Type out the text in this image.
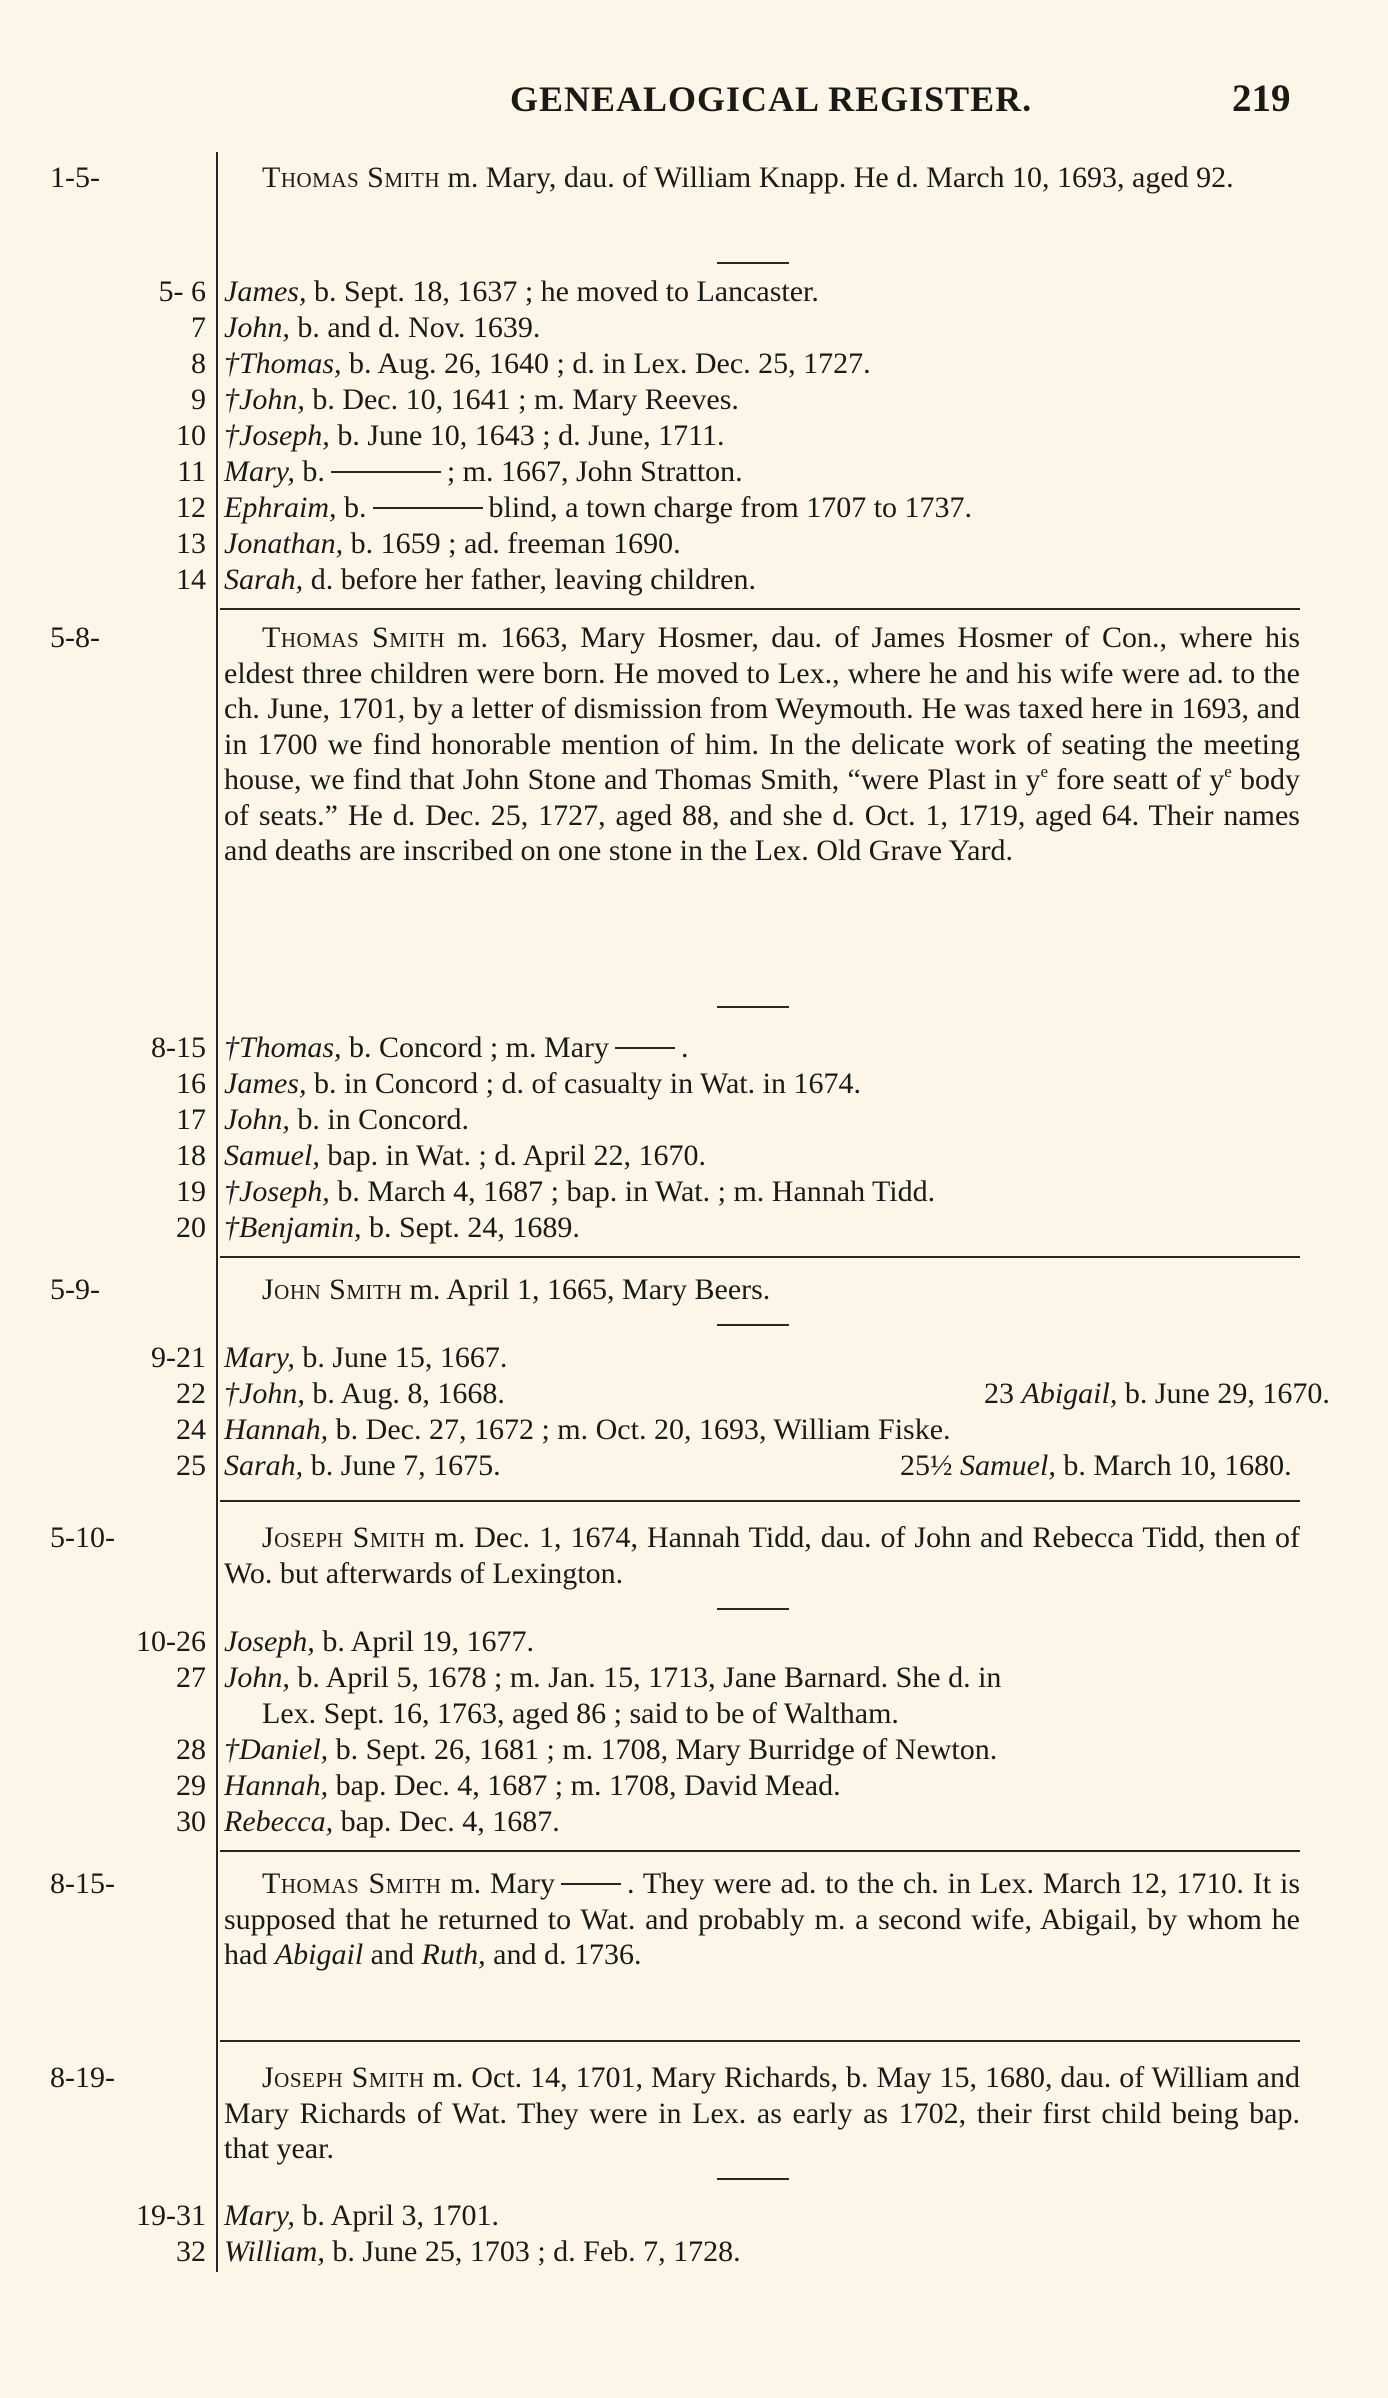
GENEALOGICAL REGISTER.	219
1-5-	Thomas Smith m. Mary, dau. of William Knapp. He d. March 10, 1693, aged 92.
5- 6 James, b. Sept. 18, 1637 ; he moved to Lancaster.
7 John, b. and d. Nov. 1639.
8 †Thomas, b. Aug. 26, 1640 ; d. in Lex. Dec. 25, 1727.
9 †John, b. Dec. 10, 1641 ; m. Mary Reeves.
10 †Joseph, b. June 10, 1643 ; d. June, 1711.
11 Mary, b.	; m. 1667, John Stratton.
12 Ephraim, b.	blind, a town charge from 1707 to 1737.
13 Jonathan, b. 1659 ; ad. freeman 1690.
14 Sarah, d. before her father, leaving children.
5-8-	Thomas Smith m. 1663, Mary Hosmer, dau. of James Hosmer of Con., where his eldest three children were born. He moved to Lex., where he and his wife were ad. to the ch. June, 1701, by a letter of dismission from Weymouth. He was taxed here in 1693, and in 1700 we find honorable mention of him. In the delicate work of seating the meeting house, we find that John Stone and Thomas Smith, “were Plast in $y^e$ fore seatt of $y^e$ body of seats.” He d. Dec. 25, 1727, aged 88, and she d. Oct. 1, 1719, aged 64. Their names and deaths are inscribed on one stone in the Lex. Old Grave Yard.
8-15 †Thomas, b. Concord ; m. Mary .
16 James, b. in Concord ; d. of casualty in Wat. in 1674.
17 John, b. in Concord.
18 Samuel, bap. in Wat. ; d. April 22, 1670.
19 †Joseph, b. March 4, 1687 ; bap. in Wat. ; m. Hannah Tidd.
20 †Benjamin, b. Sept. 24, 1689.
5-9-	John Smith m. April 1, 1665, Mary Beers.
9-21 Mary, b. June 15, 1667.
22 †John, b. Aug. 8, 1668.	23 Abigail, b. June 29, 1670.
24 Hannah, b. Dec. 27, 1672 ; m. Oct. 20, 1693, William Fiske.
25 Sarah, b. June 7, 1675.	25½ Samuel, b. March 10, 1680.
5-10-	Joseph Smith m. Dec. 1, 1674, Hannah Tidd, dau. of John and Rebecca Tidd, then of Wo. but afterwards of Lexington.
10-26 Joseph, b. April 19, 1677.
27 John, b. April 5, 1678 ; m. Jan. 15, 1713, Jane Barnard. She d. in
Lex. Sept. 16, 1763, aged 86 ; said to be of Waltham.
28 †Daniel, b. Sept. 26, 1681 ; m. 1708, Mary Burridge of Newton.
29 Hannah, bap. Dec. 4, 1687 ; m. 1708, David Mead.
30 Rebecca, bap. Dec. 4, 1687.
8-15-	Thomas Smith m. Mary . They were ad. to the ch. in Lex. March 12, 1710. It is supposed that he returned to Wat. and probably m. a second wife, Abigail, by whom he had Abigail and Ruth, and d. 1736.
8-19-	Joseph Smith m. Oct. 14, 1701, Mary Richards, b. May 15, 1680, dau. of William and Mary Richards of Wat. They were in Lex. as early as 1702, their first child being bap. that year.
19-31 Mary, b. April 3, 1701.
32 William, b. June 25, 1703 ; d. Feb. 7, 1728.
